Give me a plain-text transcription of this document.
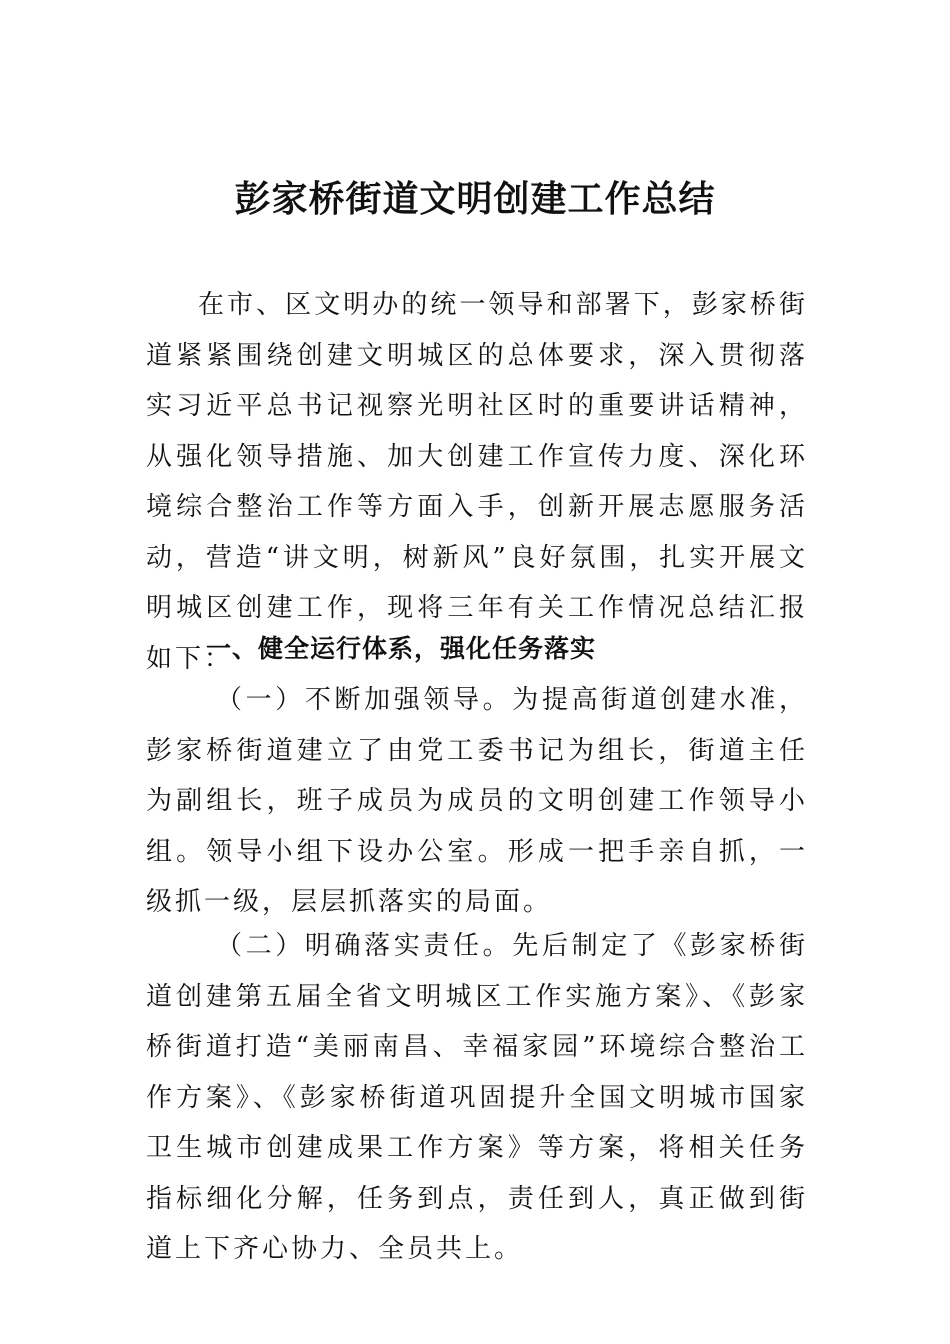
彭家桥街道文明创建工作总结

在市、区文明办的统一领导和部署下，彭家桥街道紧紧围绕创建文明城区的总体要求，深入贯彻落实习近平总书记视察光明社区时的重要讲话精神，从强化领导措施、加大创建工作宣传力度、深化环境综合整治工作等方面入手，创新开展志愿服务活动，营造“讲文明，树新风”良好氛围，扎实开展文明城区创建工作，现将三年有关工作情况总结汇报如下：

一、健全运行体系，强化任务落实

（一）不断加强领导。为提高街道创建水准，彭家桥街道建立了由党工委书记为组长，街道主任为副组长，班子成员为成员的文明创建工作领导小组。领导小组下设办公室。形成一把手亲自抓，一级抓一级，层层抓落实的局面。

（二）明确落实责任。先后制定了《彭家桥街道创建第五届全省文明城区工作实施方案》、《彭家桥街道打造“美丽南昌、幸福家园”环境综合整治工作方案》、《彭家桥街道巩固提升全国文明城市国家卫生城市创建成果工作方案》等方案，将相关任务指标细化分解，任务到点，责任到人，真正做到街道上下齐心协力、全员共上。
